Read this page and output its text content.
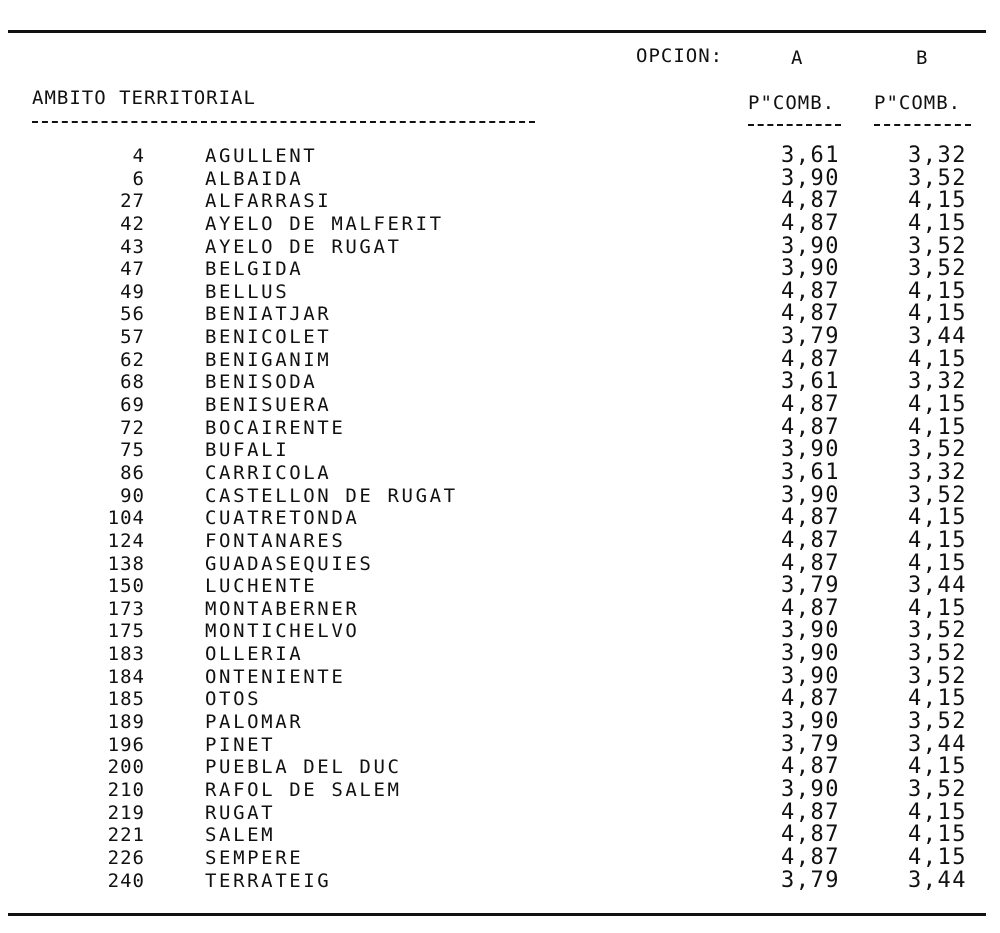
OPCION:	A	B
AMBITO TERRITORIAL	P"COMB. P"COMB.
4	AGULLENT	3,61	3,32
6	ALBAIDA	3,90	3,52
27	ALFARRASI	4,87	4,15
42	AYELO DE MALFERIT	4,87	4,15
43	AYELO DE RUGAT	3,90	3,52
47	BELGIDA	3,90	3,52
49	BELLUS	4,87	4,15
56	BENIATJAR	4,87	4,15
57	BENICOLET	3,79	3,44
62	BENIGANIM	4,87	4,15
68	BENISODA	3,61	3,32
69	BENISUERA	4,87	4,15
72	BOCAIRENTE	4,87	4,15
75	BUFALI	3,90	3,52
86	CARRICOLA	3,61	3,32
90	CASTELLON DE RUGAT	3,90	3,52
104	CUATRETONDA	4,87	4,15
124	FONTANARES	4,87	4,15
138	GUADASEQUIES	4,87	4,15
150	LUCHENTE	3,79	3,44
173	MONTABERNER	4,87	4,15
175	MONTICHELVO	3,90	3,52
183	OLLERIA	3,90	3,52
184	ONTENIENTE	3,90	3,52
185	OTOS	4,87	4,15
189	PALOMAR	3,90	3,52
196	PINET	3,79	3,44
200	PUEBLA DEL DUC	4,87	4,15
210	RAFOL DE SALEM	3,90	3,52
219	RUGAT	4,87	4,15
221	SALEM	4,87	4,15
226	SEMPERE	4,87	4,15
240	TERRATEIG	3,79	3,44
